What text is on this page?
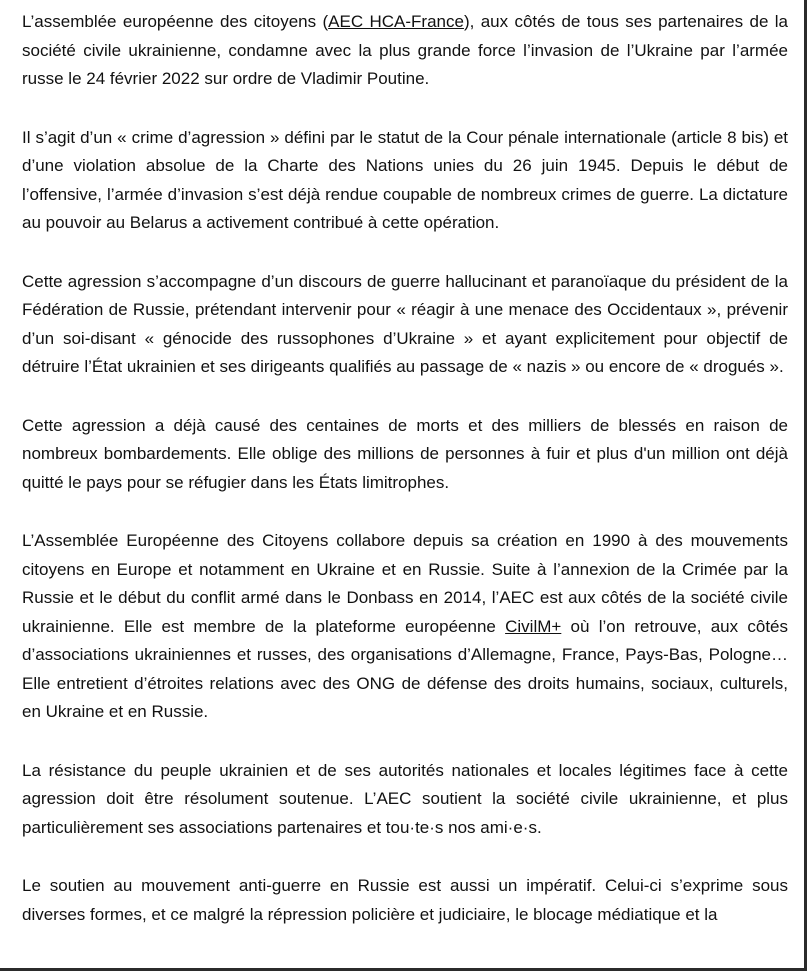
L’assemblée européenne des citoyens (AEC HCA-France), aux côtés de tous ses partenaires de la société civile ukrainienne, condamne avec la plus grande force l’invasion de l’Ukraine par l’armée russe le 24 février 2022 sur ordre de Vladimir Poutine.

Il s’agit d’un « crime d’agression » défini par le statut de la Cour pénale internationale (article 8 bis) et d’une violation absolue de la Charte des Nations unies du 26 juin 1945. Depuis le début de l’offensive, l’armée d’invasion s’est déjà rendue coupable de nombreux crimes de guerre. La dictature au pouvoir au Belarus a activement contribué à cette opération.

Cette agression s’accompagne d’un discours de guerre hallucinant et paranoïaque du président de la Fédération de Russie, prétendant intervenir pour « réagir à une menace des Occidentaux », prévenir d’un soi-disant « génocide des russophones d’Ukraine » et ayant explicitement pour objectif de détruire l’État ukrainien et ses dirigeants qualifiés au passage de « nazis » ou encore de « drogués ».

Cette agression a déjà causé des centaines de morts et des milliers de blessés en raison de nombreux bombardements. Elle oblige des millions de personnes à fuir et plus d'un million ont déjà quitté le pays pour se réfugier dans les États limitrophes.

L’Assemblée Européenne des Citoyens collabore depuis sa création en 1990 à des mouvements citoyens en Europe et notamment en Ukraine et en Russie. Suite à l’annexion de la Crimée par la Russie et le début du conflit armé dans le Donbass en 2014, l’AEC est aux côtés de la société civile ukrainienne. Elle est membre de la plateforme européenne CivilM+ où l’on retrouve, aux côtés d’associations ukrainiennes et russes, des organisations d’Allemagne, France, Pays-Bas, Pologne… Elle entretient d’étroites relations avec des ONG de défense des droits humains, sociaux, culturels, en Ukraine et en Russie.

La résistance du peuple ukrainien et de ses autorités nationales et locales légitimes face à cette agression doit être résolument soutenue. L’AEC soutient la société civile ukrainienne, et plus particulièrement ses associations partenaires et tou·te·s nos ami·e·s.

Le soutien au mouvement anti-guerre en Russie est aussi un impératif. Celui-ci s’exprime sous diverses formes, et ce malgré la répression policière et judiciaire, le blocage médiatique et la
